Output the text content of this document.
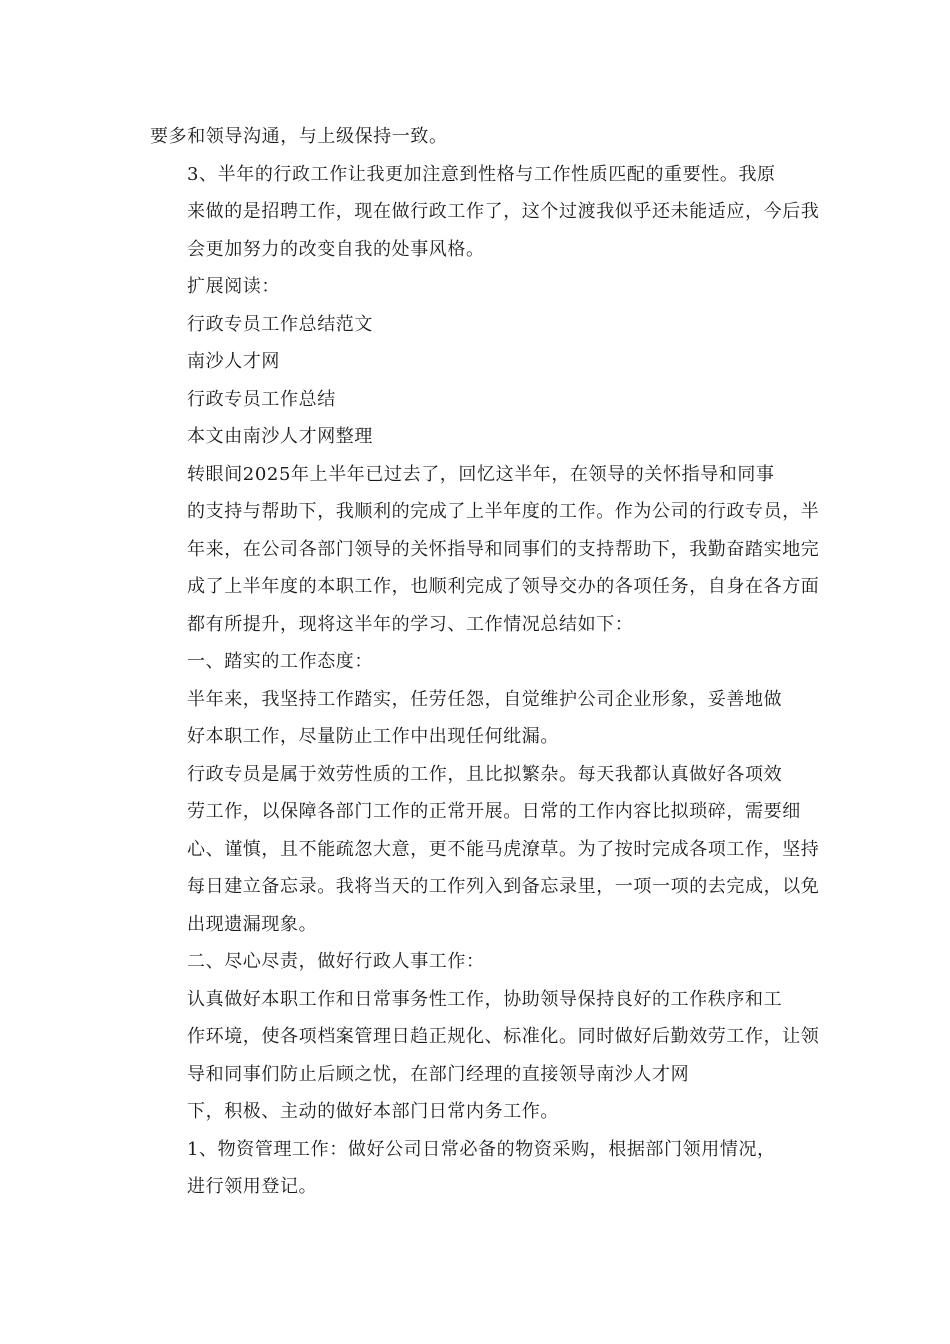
要多和领导沟通，与上级保持一致。

3、半年的行政工作让我更加注意到性格与工作性质匹配的重要性。我原
来做的是招聘工作，现在做行政工作了，这个过渡我似乎还未能适应，今后我
会更加努力的改变自我的处事风格。

扩展阅读：

行政专员工作总结范文

南沙人才网

行政专员工作总结

本文由南沙人才网整理

转眼间2025年上半年已过去了，回忆这半年，在领导的关怀指导和同事
的支持与帮助下，我顺利的完成了上半年度的工作。作为公司的行政专员，半
年来，在公司各部门领导的关怀指导和同事们的支持帮助下，我勤奋踏实地完
成了上半年度的本职工作，也顺利完成了领导交办的各项任务，自身在各方面
都有所提升，现将这半年的学习、工作情况总结如下：

一、踏实的工作态度：

半年来，我坚持工作踏实，任劳任怨，自觉维护公司企业形象，妥善地做
好本职工作，尽量防止工作中出现任何纰漏。

行政专员是属于效劳性质的工作，且比拟繁杂。每天我都认真做好各项效
劳工作，以保障各部门工作的正常开展。日常的工作内容比拟琐碎，需要细
心、谨慎，且不能疏忽大意，更不能马虎潦草。为了按时完成各项工作，坚持
每日建立备忘录。我将当天的工作列入到备忘录里，一项一项的去完成，以免
出现遗漏现象。

二、尽心尽责，做好行政人事工作：

认真做好本职工作和日常事务性工作，协助领导保持良好的工作秩序和工
作环境，使各项档案管理日趋正规化、标准化。同时做好后勤效劳工作，让领
导和同事们防止后顾之忧，在部门经理的直接领导南沙人才网

下，积极、主动的做好本部门日常内务工作。

1、物资管理工作：做好公司日常必备的物资采购，根据部门领用情况，
进行领用登记。
